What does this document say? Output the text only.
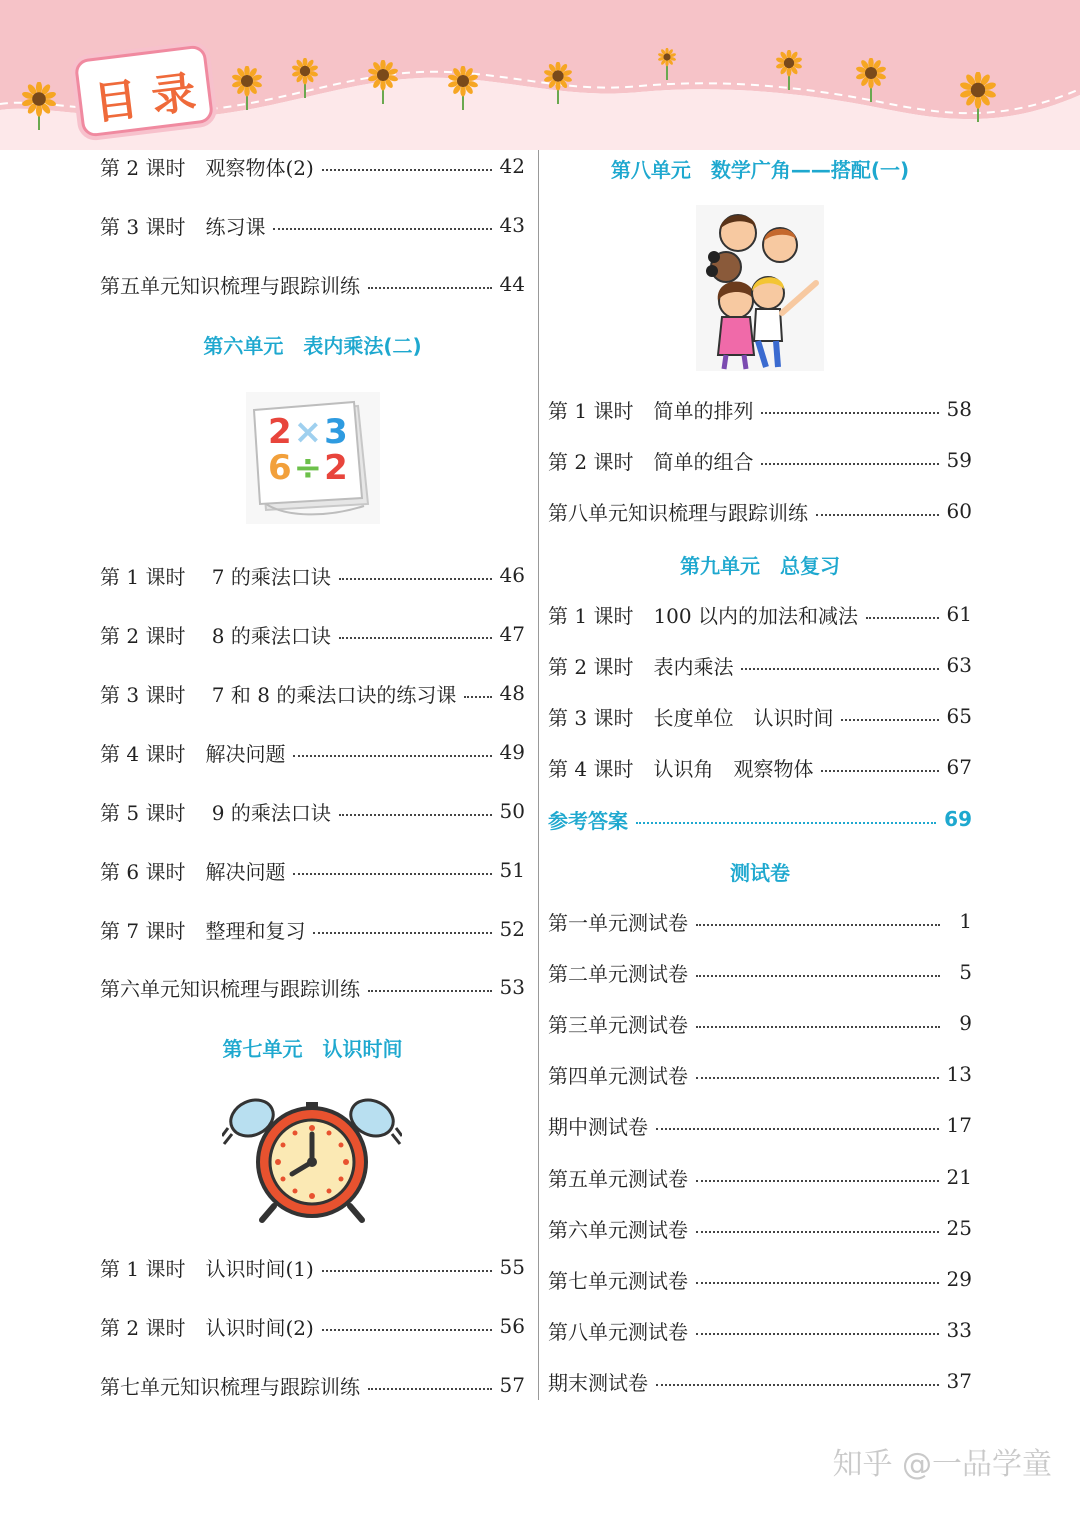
目录
第 2 课时　观察物体(2)	42
第 3 课时　练习课	43
第五单元知识梳理与跟踪训练	44
第六单元　表内乘法(二)
2×3
6÷2
第 1 课时　 7 的乘法口诀	46
第 2 课时　 8 的乘法口诀	47
第 3 课时　 7 和 8 的乘法口诀的练习课 48
第 4 课时　解决问题	49
第 5 课时　 9 的乘法口诀	50
第 6 课时　解决问题	51
第 7 课时　整理和复习	52
第六单元知识梳理与跟踪训练	53
第七单元　认识时间
第 1 课时　认识时间(1)	55
第 2 课时　认识时间(2)	56
第七单元知识梳理与跟踪训练	57
第八单元　数学广角——搭配(一)
第 1 课时　简单的排列	58
第 2 课时　简单的组合	59
第八单元知识梳理与跟踪训练	60
第九单元　总复习
第 1 课时　100 以内的加法和减法	61
第 2 课时　表内乘法	63
第 3 课时　长度单位　认识时间	65
第 4 课时　认识角　观察物体	67
参考答案	69
测试卷
第一单元测试卷	1
第二单元测试卷	5
第三单元测试卷	9
第四单元测试卷	13
期中测试卷	17
第五单元测试卷	21
第六单元测试卷	25
第七单元测试卷	29
第八单元测试卷	33
期末测试卷	37
知乎 @一品学童
